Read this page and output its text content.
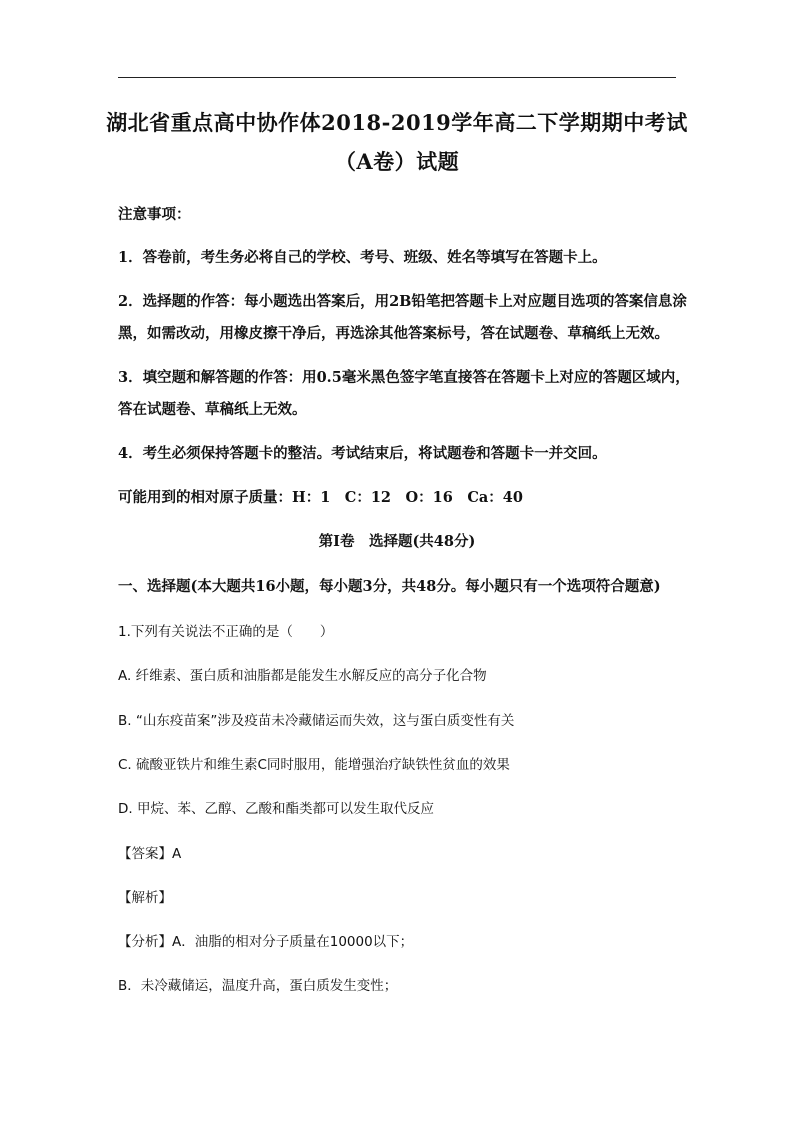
湖北省重点高中协作体2018-2019学年高二下学期期中考试
（A卷）试题
注意事项：
1．答卷前，考生务必将自己的学校、考号、班级、姓名等填写在答题卡上。
2．选择题的作答：每小题选出答案后，用2B铅笔把答题卡上对应题目选项的答案信息涂
黑，如需改动，用橡皮擦干净后，再选涂其他答案标号，答在试题卷、草稿纸上无效。
3．填空题和解答题的作答：用0.5毫米黑色签字笔直接答在答题卡上对应的答题区域内，
答在试题卷、草稿纸上无效。
4．考生必须保持答题卡的整洁。考试结束后，将试题卷和答题卡一并交回。
可能用到的相对原子质量：H：1　C：12　O：16　Ca：40
第Ⅰ卷　选择题(共48分)
一、选择题(本大题共16小题，每小题3分，共48分。每小题只有一个选项符合题意)
1.下列有关说法不正确的是（　　）
A. 纤维素、蛋白质和油脂都是能发生水解反应的高分子化合物
B. “山东疫苗案”涉及疫苗未冷藏储运而失效，这与蛋白质变性有关
C. 硫酸亚铁片和维生素C同时服用，能增强治疗缺铁性贫血的效果
D. 甲烷、苯、乙醇、乙酸和酯类都可以发生取代反应
【答案】A
【解析】
【分析】A．油脂的相对分子质量在10000以下；
B．未冷藏储运，温度升高，蛋白质发生变性；
